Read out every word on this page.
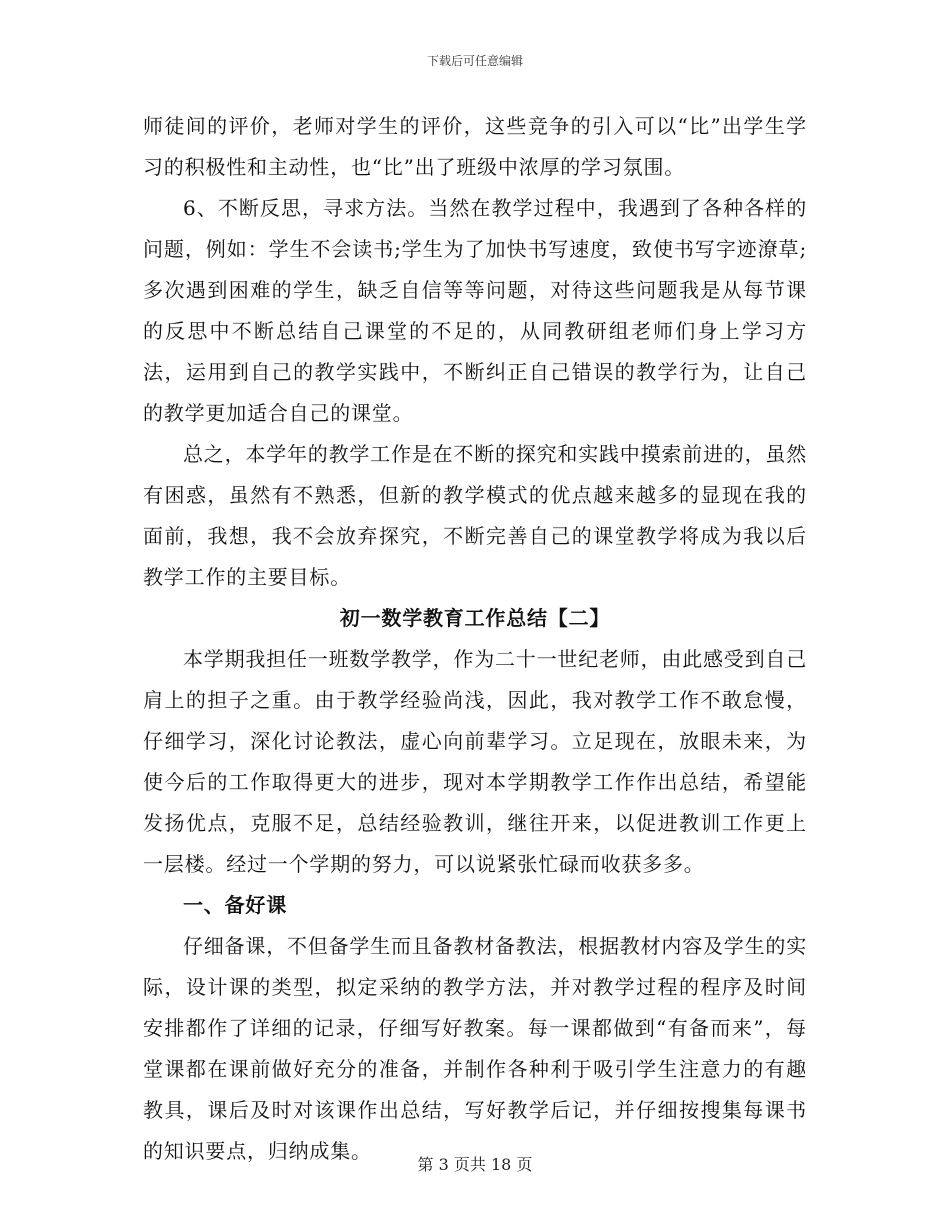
下载后可任意编辑

师徒间的评价，老师对学生的评价，这些竞争的引入可以“比”出学生学习的积极性和主动性，也“比”出了班级中浓厚的学习氛围。

6、不断反思，寻求方法。当然在教学过程中，我遇到了各种各样的问题，例如：学生不会读书;学生为了加快书写速度，致使书写字迹潦草;多次遇到困难的学生，缺乏自信等等问题，对待这些问题我是从每节课的反思中不断总结自己课堂的不足的，从同教研组老师们身上学习方法，运用到自己的教学实践中，不断纠正自己错误的教学行为，让自己的教学更加适合自己的课堂。

总之，本学年的教学工作是在不断的探究和实践中摸索前进的，虽然有困惑，虽然有不熟悉，但新的教学模式的优点越来越多的显现在我的面前，我想，我不会放弃探究，不断完善自己的课堂教学将成为我以后教学工作的主要目标。

初一数学教育工作总结【二】

本学期我担任一班数学教学，作为二十一世纪老师，由此感受到自己肩上的担子之重。由于教学经验尚浅，因此，我对教学工作不敢怠慢，仔细学习，深化讨论教法，虚心向前辈学习。立足现在，放眼未来，为使今后的工作取得更大的进步，现对本学期教学工作作出总结，希望能发扬优点，克服不足，总结经验教训，继往开来，以促进教训工作更上一层楼。经过一个学期的努力，可以说紧张忙碌而收获多多。

一、备好课

仔细备课，不但备学生而且备教材备教法，根据教材内容及学生的实际，设计课的类型，拟定采纳的教学方法，并对教学过程的程序及时间安排都作了详细的记录，仔细写好教案。每一课都做到“有备而来”，每堂课都在课前做好充分的准备，并制作各种利于吸引学生注意力的有趣教具，课后及时对该课作出总结，写好教学后记，并仔细按搜集每课书的知识要点，归纳成集。

第 3 页共 18 页
